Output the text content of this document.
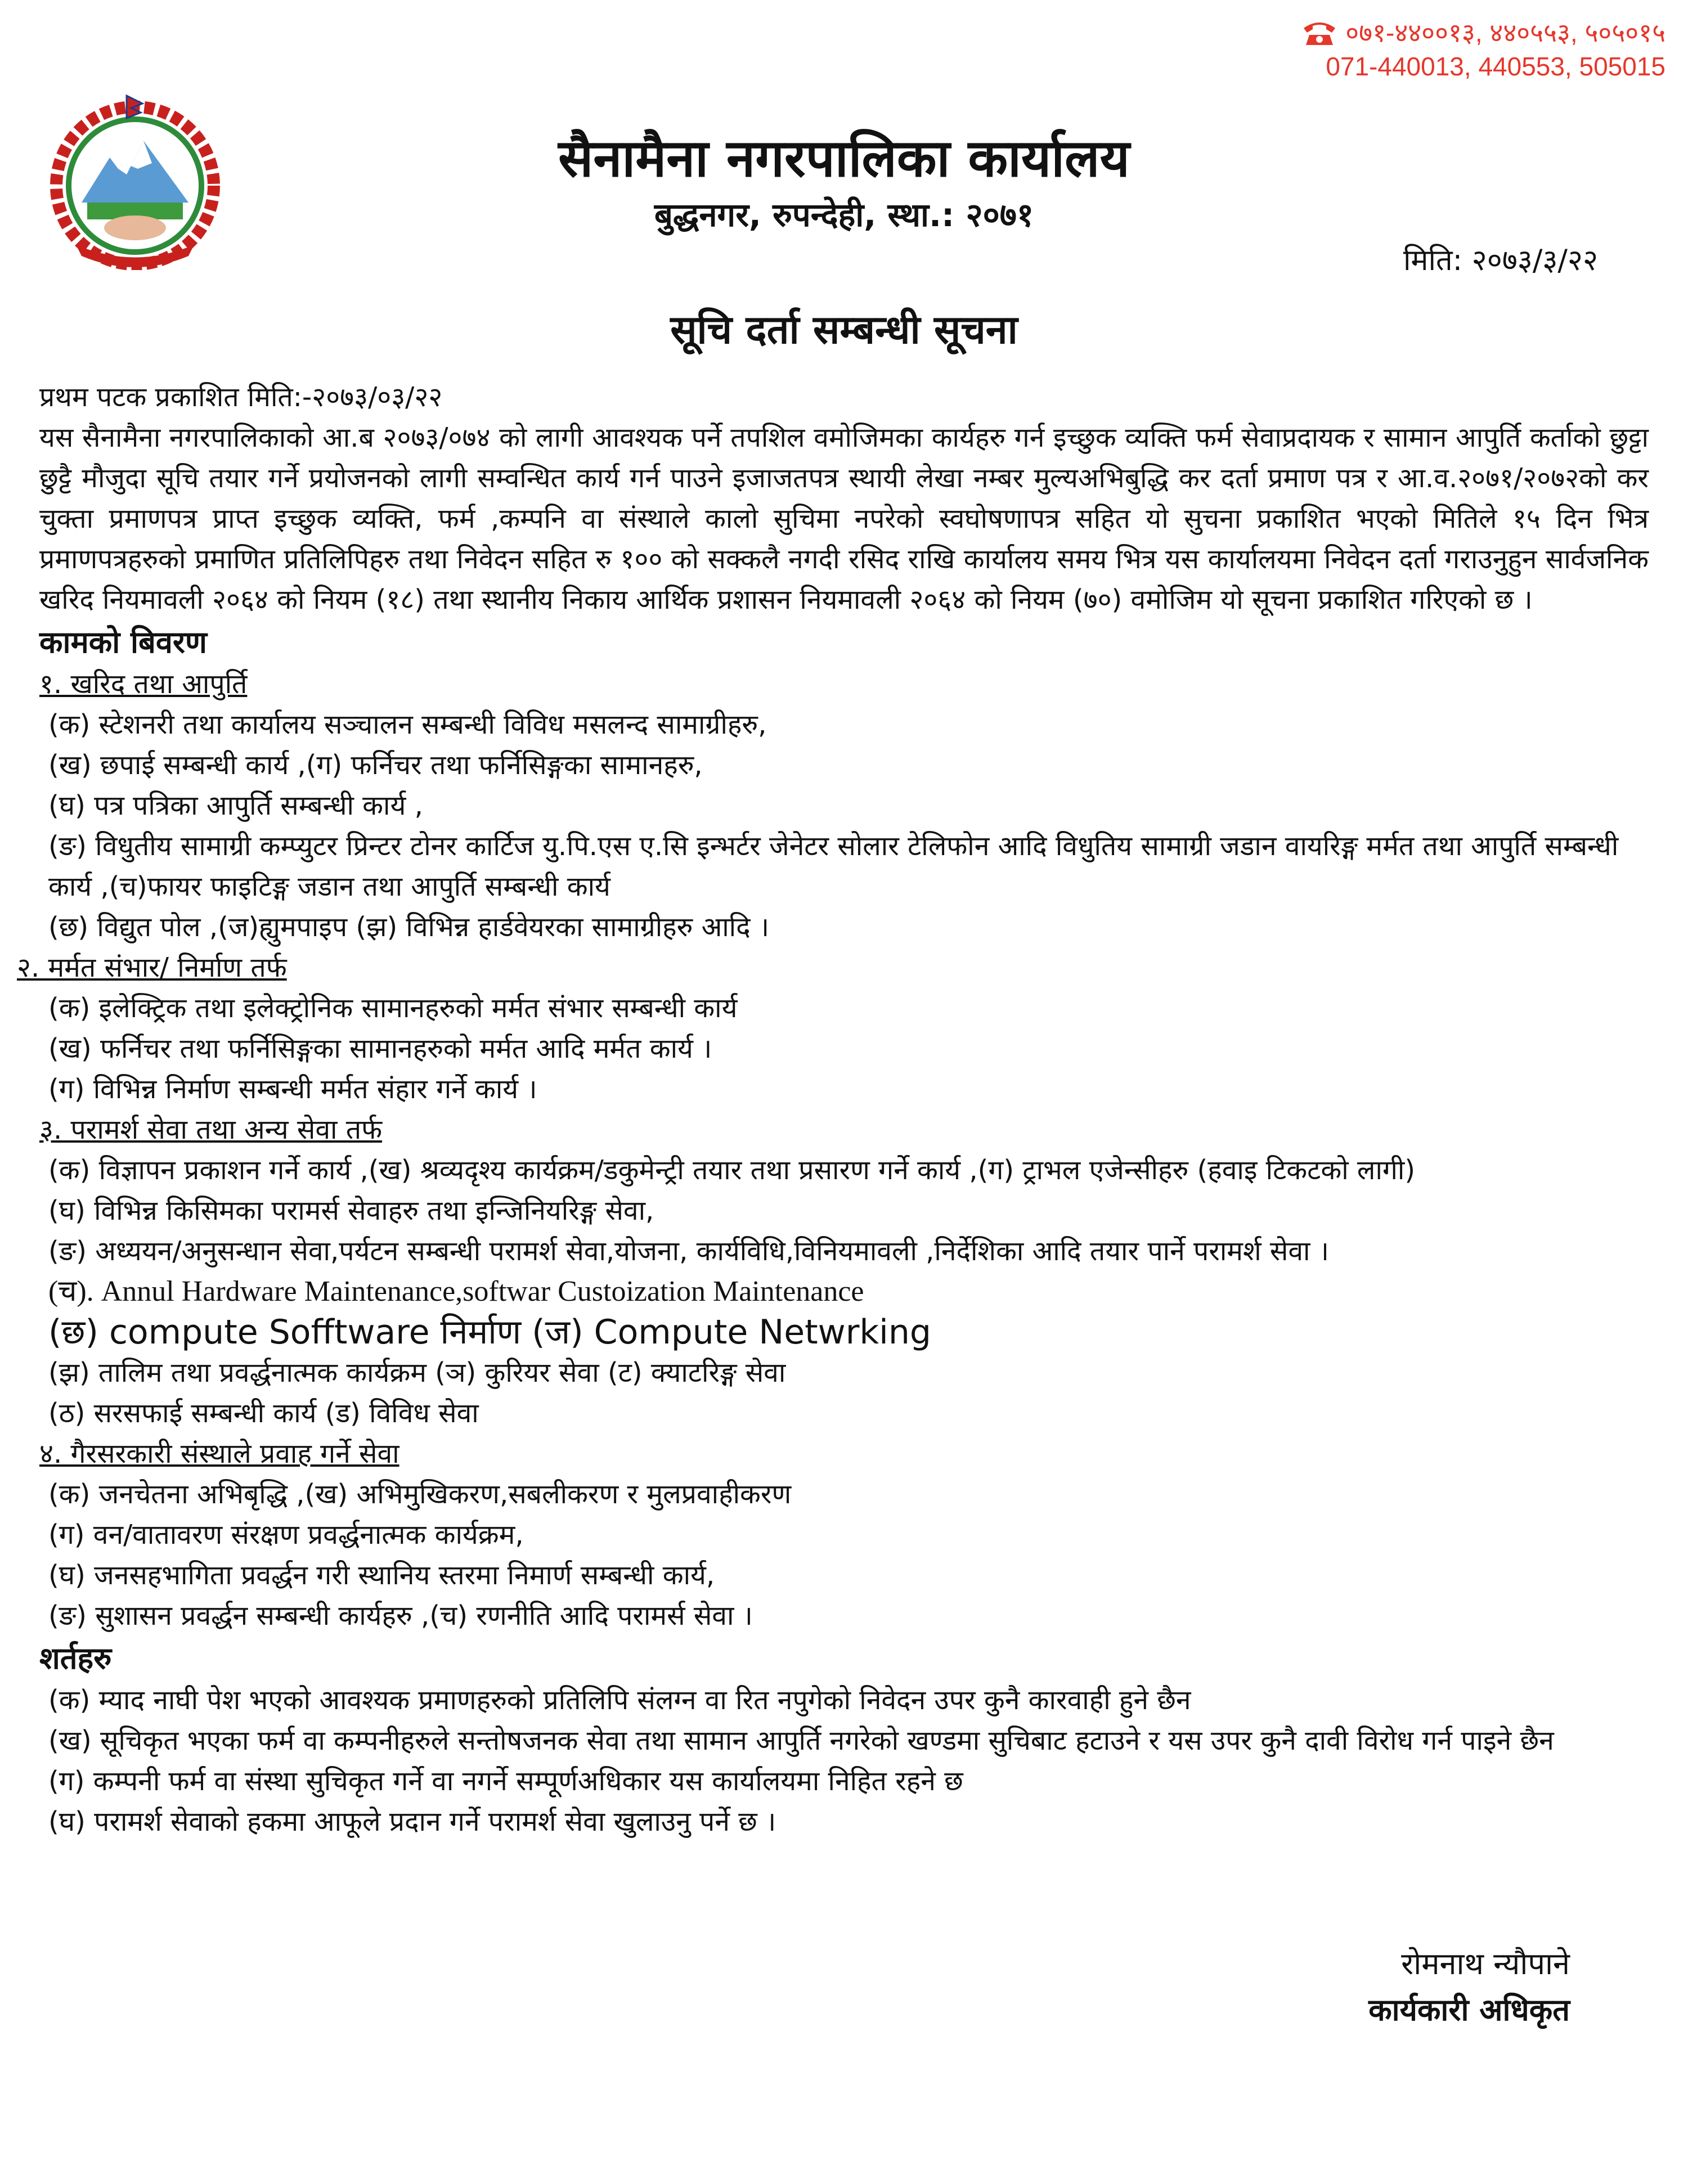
०७१-४४००१३, ४४०५५३, ५०५०१५
071-440013, 440553, 505015
सैनामैना नगरपालिका कार्यालय
बुद्धनगर, रुपन्देही, स्था.: २०७१
मिति: २०७३/३/२२
सूचि दर्ता सम्बन्धी सूचना

प्रथम पटक प्रकाशित मिति:-२०७३/०३/२२

यस सैनामैना नगरपालिकाको आ.ब २०७३/०७४ को लागी आवश्यक पर्ने तपशिल वमोजिमका कार्यहरु गर्न इच्छुक व्यक्ति फर्म सेवाप्रदायक र सामान आपुर्ति कर्ताको छुट्टा छुट्टै मौजुदा सूचि तयार गर्ने प्रयोजनको लागी सम्वन्धित कार्य गर्न पाउने इजाजतपत्र स्थायी लेखा नम्बर मुल्यअभिबुद्धि कर दर्ता प्रमाण पत्र र आ.व.२०७१/२०७२को कर चुक्ता प्रमाणपत्र प्राप्त इच्छुक व्यक्ति, फर्म ,कम्पनि वा संस्थाले कालो सुचिमा नपरेको स्वघोषणापत्र सहित यो सुचना प्रकाशित भएको मितिले १५ दिन भित्र प्रमाणपत्रहरुको प्रमाणित प्रतिलिपिहरु तथा निवेदन सहित रु १०० को सक्कलै नगदी रसिद राखि कार्यालय समय भित्र यस कार्यालयमा निवेदन दर्ता गराउनुहुन सार्वजनिक खरिद नियमावली २०६४ को नियम (१८) तथा स्थानीय निकाय आर्थिक प्रशासन नियमावली २०६४ को नियम (७०) वमोजिम यो सूचना प्रकाशित गरिएको छ ।

कामको बिवरण

१. खरिद तथा आपुर्ति

(क) स्टेशनरी तथा कार्यालय सञ्चालन सम्बन्धी विविध मसलन्द सामाग्रीहरु,

(ख) छपाई सम्बन्धी कार्य ,(ग) फर्निचर तथा फर्निसिङ्गका सामानहरु,

(घ) पत्र पत्रिका आपुर्ति सम्बन्धी कार्य ,

(ङ) विधुतीय सामाग्री कम्प्युटर प्रिन्टर टोनर कार्टिज यु.पि.एस ए.सि इन्भर्टर जेनेटर सोलार टेलिफोन आदि विधुतिय सामाग्री जडान वायरिङ्ग मर्मत तथा आपुर्ति सम्बन्धी कार्य ,(च)फायर फाइटिङ्ग जडान तथा आपुर्ति सम्बन्धी कार्य

(छ) विद्युत पोल ,(ज)ह्युमपाइप (झ) विभिन्न हार्डवेयरका सामाग्रीहरु आदि ।

२. मर्मत संभार/ निर्माण तर्फ

(क) इलेक्ट्रिक तथा इलेक्ट्रोनिक सामानहरुको मर्मत संभार सम्बन्धी कार्य

(ख) फर्निचर तथा फर्निसिङ्गका सामानहरुको मर्मत आदि मर्मत कार्य ।

(ग) विभिन्न निर्माण सम्बन्धी मर्मत संहार गर्ने कार्य ।

३. परामर्श सेवा तथा अन्य सेवा तर्फ

(क) विज्ञापन प्रकाशन गर्ने कार्य ,(ख) श्रव्यदृश्य कार्यक्रम/डकुमेन्ट्री तयार तथा प्रसारण गर्ने कार्य ,(ग) ट्राभल एजेन्सीहरु (हवाइ टिकटको लागी)

(घ) विभिन्न किसिमका परामर्स सेवाहरु तथा इन्जिनियरिङ्ग सेवा,

(ङ) अध्ययन/अनुसन्धान सेवा,पर्यटन सम्बन्धी परामर्श सेवा,योजना, कार्यविधि,विनियमावली ,निर्देशिका आदि तयार पार्ने परामर्श सेवा ।

(च). Annul Hardware Maintenance,softwar Custoization Maintenance

(छ) compute Sofftware निर्माण (ज) Compute Netwrking

(झ) तालिम तथा प्रवर्द्धनात्मक कार्यक्रम (ञ) कुरियर सेवा (ट) क्याटरिङ्ग सेवा

(ठ) सरसफाई सम्बन्धी कार्य (ड) विविध सेवा

४. गैरसरकारी संस्थाले प्रवाह गर्ने सेवा

(क) जनचेतना अभिबृद्धि ,(ख) अभिमुखिकरण,सबलीकरण र मुलप्रवाहीकरण

(ग) वन/वातावरण संरक्षण प्रवर्द्धनात्मक कार्यक्रम,

(घ) जनसहभागिता प्रवर्द्धन गरी स्थानिय स्तरमा निमार्ण सम्बन्धी कार्य,

(ङ) सुशासन प्रवर्द्धन सम्बन्धी कार्यहरु ,(च) रणनीति आदि परामर्स सेवा ।

शर्तहरु

(क) म्याद नाघी पेश भएको आवश्यक प्रमाणहरुको प्रतिलिपि संलग्न वा रित नपुगेको निवेदन उपर कुनै कारवाही हुने छैन

(ख) सूचिकृत भएका फर्म वा कम्पनीहरुले सन्तोषजनक सेवा तथा सामान आपुर्ति नगरेको खण्डमा सुचिबाट हटाउने र यस उपर कुनै दावी विरोध गर्न पाइने छैन

(ग) कम्पनी फर्म वा संस्था सुचिकृत गर्ने वा नगर्ने सम्पूर्णअधिकार यस कार्यालयमा निहित रहने छ

(घ) परामर्श सेवाको हकमा आफूले प्रदान गर्ने परामर्श सेवा खुलाउनु पर्ने छ ।

रोमनाथ न्यौपाने
कार्यकारी अधिकृत
